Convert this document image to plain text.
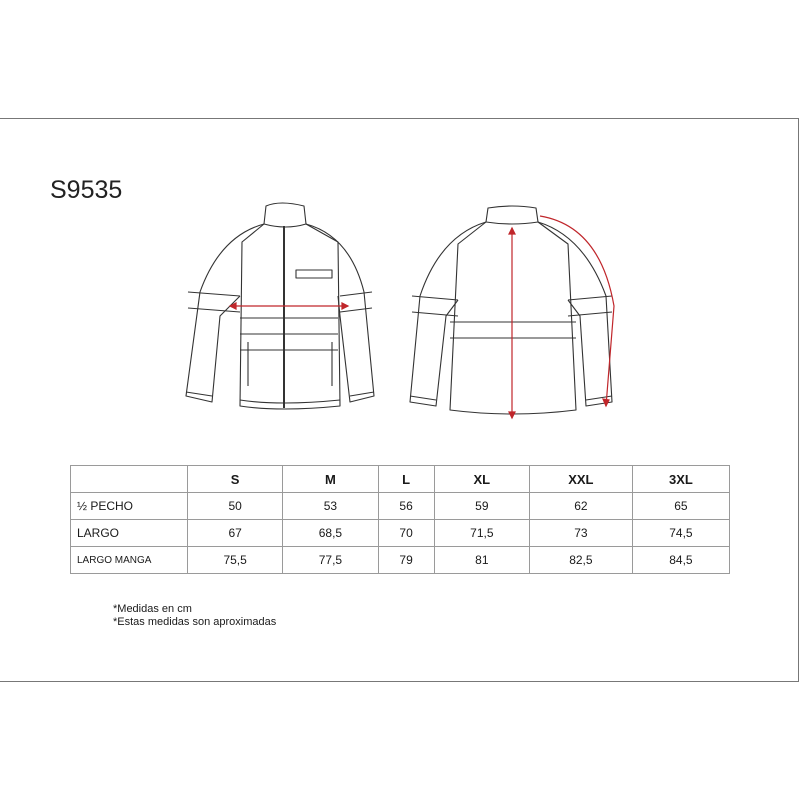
S9535
	S	M	L	XL	XXL	3XL
½ PECHO	50	53	56	59	62	65
LARGO	67	68,5	70	71,5	73	74,5
LARGO MANGA	75,5	77,5	79	81	82,5	84,5
*Medidas en cm
*Estas medidas son aproximadas
